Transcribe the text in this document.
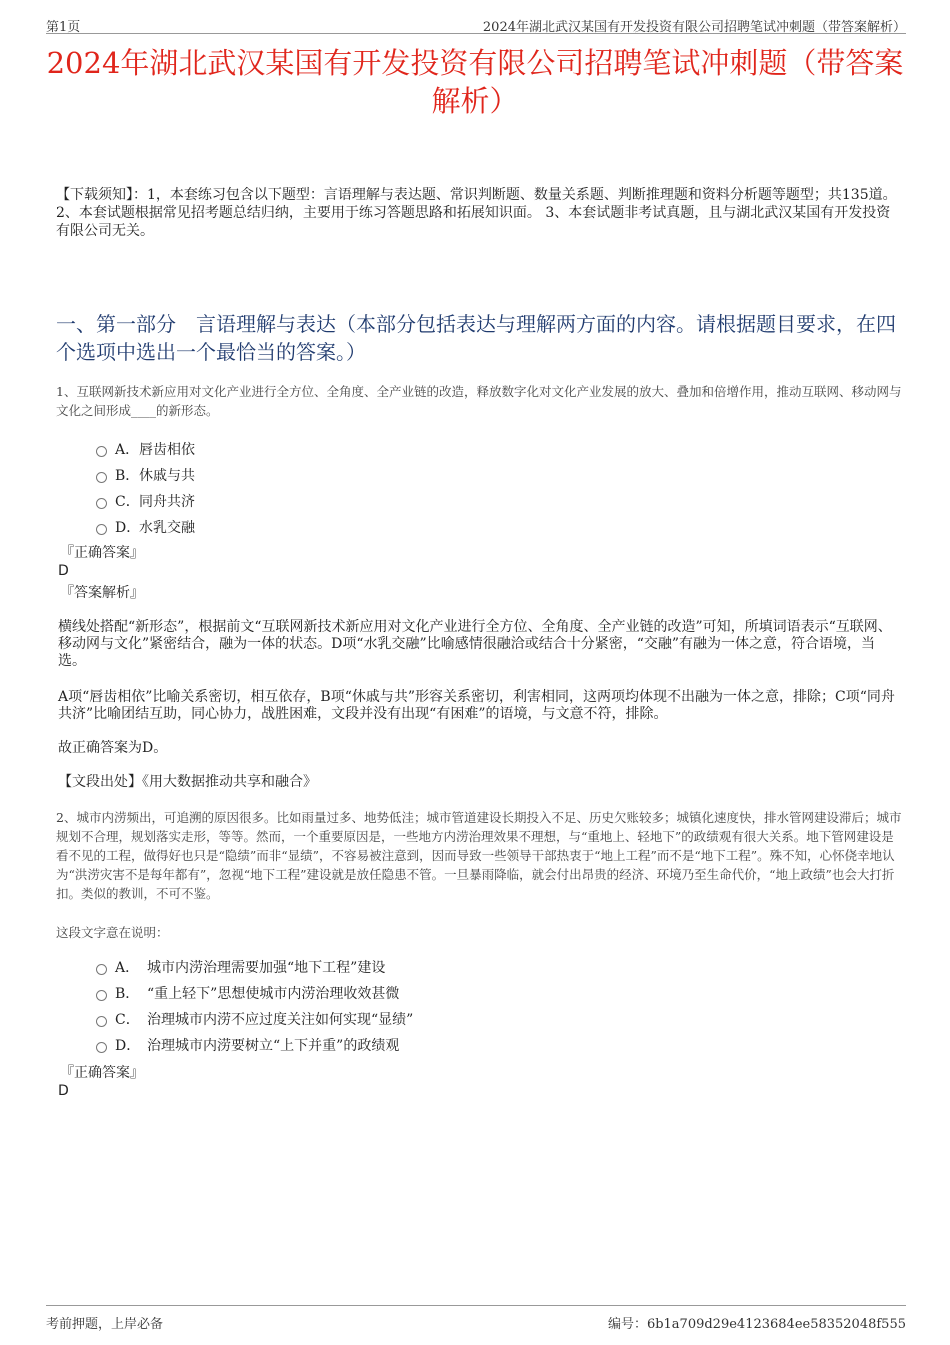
第1页	2024年湖北武汉某国有开发投资有限公司招聘笔试冲刺题（带答案解析）
2024年湖北武汉某国有开发投资有限公司招聘笔试冲刺题（带答案解析）

【下载须知】：1，本套练习包含以下题型：言语理解与表达题、常识判断题、数量关系题、判断推理题和资料分析题等题型；共135道。 2、本套试题根据常见招考题总结归纳，主要用于练习答题思路和拓展知识面。 3、本套试题非考试真题，且与湖北武汉某国有开发投资有限公司无关。

一、第一部分　言语理解与表达（本部分包括表达与理解两方面的内容。请根据题目要求，在四个选项中选出一个最恰当的答案。）

1、互联网新技术新应用对文化产业进行全方位、全角度、全产业链的改造，释放数字化对文化产业发展的放大、叠加和倍增作用，推动互联网、移动网与文化之间形成____的新形态。

A． 唇齿相依
B． 休戚与共
C． 同舟共济
D．
水乳交融
『正确答案』
D
『答案解析』

横线处搭配“新形态”，根据前文“互联网新技术新应用对文化产业进行全方位、全角度、全产业链的改造”可知，所填词语表示“互联网、移动网与文化”紧密结合，融为一体的状态。D项“水乳交融”比喻感情很融洽或结合十分紧密，“交融”有融为一体之意，符合语境，当选。

A项“唇齿相依”比喻关系密切，相互依存，B项“休戚与共”形容关系密切，利害相同，这两项均体现不出融为一体之意，排除；C项“同舟共济”比喻团结互助，同心协力，战胜困难，文段并没有出现“有困难”的语境，与文意不符，排除。

故正确答案为D。

【文段出处】《用大数据推动共享和融合》

2、城市内涝频出，可追溯的原因很多。比如雨量过多、地势低洼；城市管道建设长期投入不足、历史欠账较多；城镇化速度快，排水管网建设滞后；城市规划不合理，规划落实走形，等等。然而，一个重要原因是，一些地方内涝治理效果不理想，与“重地上、轻地下”的政绩观有很大关系。地下管网建设是看不见的工程，做得好也只是“隐绩”而非“显绩”，不容易被注意到，因而导致一些领导干部热衷于“地上工程”而不是“地下工程”。殊不知，心怀侥幸地认为“洪涝灾害不是每年都有”，忽视“地下工程”建设就是放任隐患不管。一旦暴雨降临，就会付出昂贵的经济、环境乃至生命代价，“地上政绩”也会大打折扣。类似的教训，不可不鉴。

这段文字意在说明：

A． 城市内涝治理需要加强“地下工程”建设
B． “重上轻下”思想使城市内涝治理收效甚微
C． 治理城市内涝不应过度关注如何实现“显绩”
D． 治理城市内涝要树立“上下并重”的政绩观
『正确答案』
D
考前押题，上岸必备	编号：6b1a709d29e4123684ee58352048f555
